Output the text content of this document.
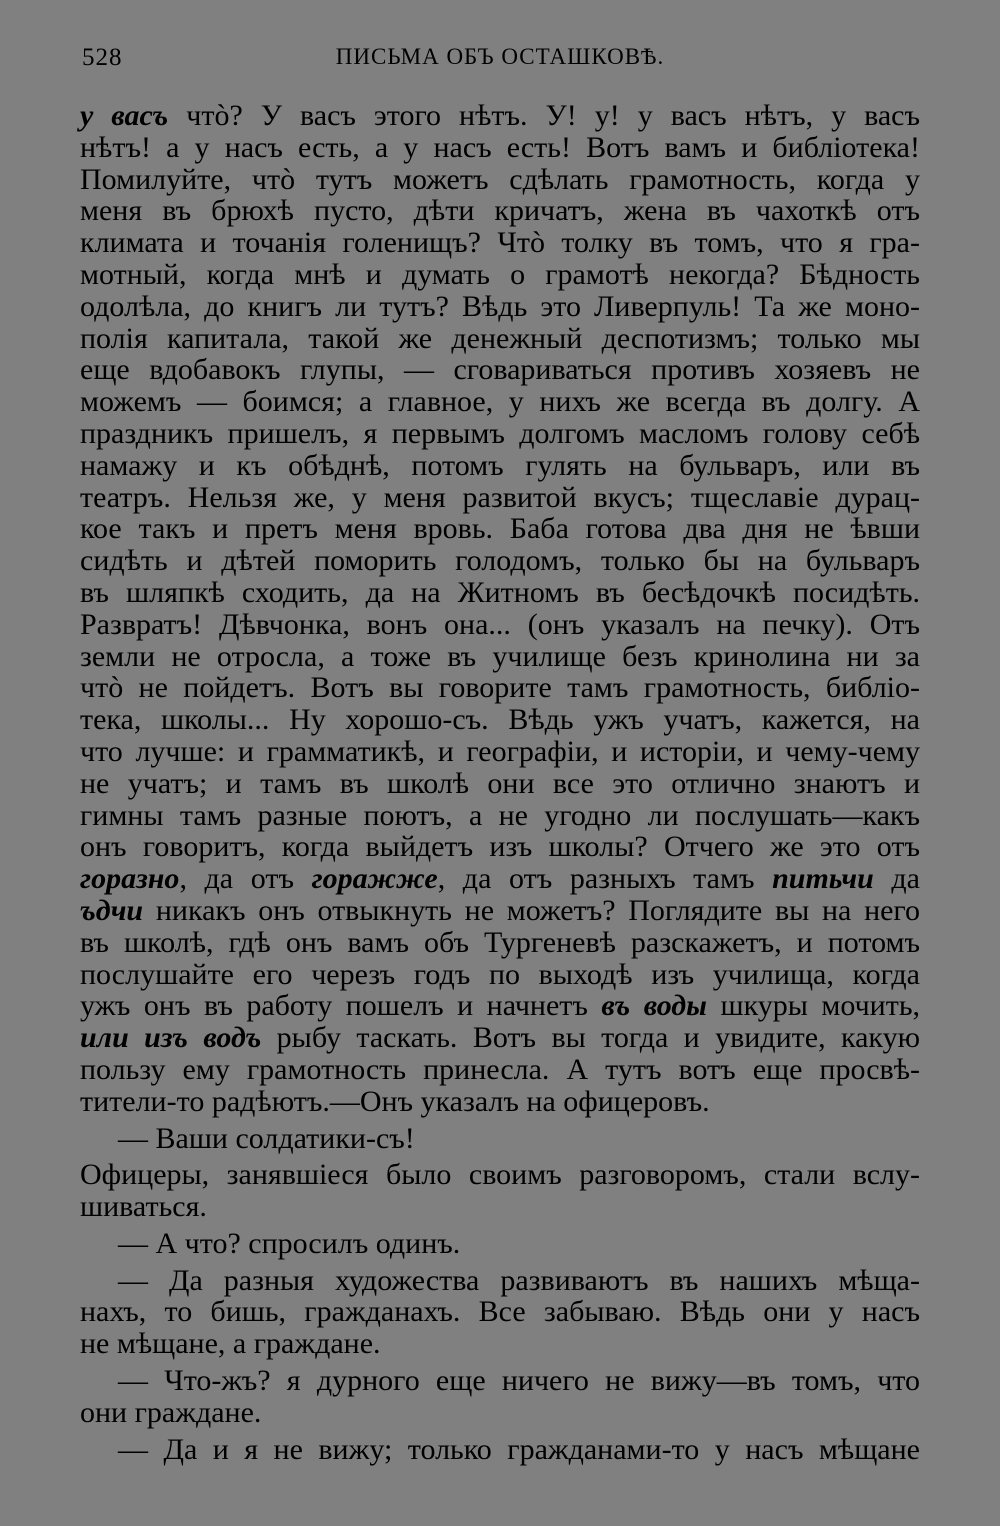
528	ПИСЬМА ОБЪ ОСТАШКОВѢ.
у васъ чтò? У васъ этого нѣтъ. У! у! у васъ нѣтъ, у васъ
нѣтъ! а у насъ есть, а у насъ есть! Вотъ вамъ и библіотека!
Помилуйте, чтò тутъ можетъ сдѣлать грамотность, когда у
меня въ брюхѣ пусто, дѣти кричатъ, жена въ чахоткѣ отъ
климата и точанія голенищъ? Чтò толку въ томъ, что я гра-
мотный, когда мнѣ и думать о грамотѣ некогда? Бѣдность
одолѣла, до книгъ ли тутъ? Вѣдь это Ливерпуль! Та же моно-
полія капитала, такой же денежный деспотизмъ; только мы
еще вдобавокъ глупы, — сговариваться противъ хозяевъ не
можемъ — боимся; а главное, у нихъ же всегда въ долгу. А
праздникъ пришелъ, я первымъ долгомъ масломъ голову себѣ
намажу и къ обѣднѣ, потомъ гулять на бульваръ, или въ
театръ. Нельзя же, у меня развитой вкусъ; тщеславіе дурац-
кое такъ и претъ меня вровь. Баба готова два дня не ѣвши
сидѣть и дѣтей поморить голодомъ, только бы на бульваръ
въ шляпкѣ сходить, да на Житномъ въ бесѣдочкѣ посидѣть.
Развратъ! Дѣвчонка, вонъ она... (онъ указалъ на печку). Отъ
земли не отросла, а тоже въ училище безъ кринолина ни за
чтò не пойдетъ. Вотъ вы говорите тамъ грамотность, библіо-
тека, школы... Ну хорошо-съ. Вѣдь ужъ учатъ, кажется, на
что лучше: и грамматикѣ, и географіи, и исторіи, и чему-чему
не учатъ; и тамъ въ школѣ они все это отлично знаютъ и
гимны тамъ разные поютъ, а не угодно ли послушать—какъ
онъ говоритъ, когда выйдетъ изъ школы? Отчего же это отъ
горазно, да отъ горажже, да отъ разныхъ тамъ питьчи да
ъдчи никакъ онъ отвыкнуть не можетъ? Поглядите вы на него
въ школѣ, гдѣ онъ вамъ объ Тургеневѣ разскажетъ, и потомъ
послушайте его черезъ годъ по выходѣ изъ училища, когда
ужъ онъ въ работу пошелъ и начнетъ въ воды шкуры мочить,
или изъ водъ рыбу таскать. Вотъ вы тогда и увидите, какую
пользу ему грамотность принесла. А тутъ вотъ еще просвѣ-
тители-то радѣютъ.—Онъ указалъ на офицеровъ.
— Ваши солдатики-съ!
Офицеры, занявшіеся было своимъ разговоромъ, стали вслу-
шиваться.
— А что? спросилъ одинъ.
— Да разныя художества развиваютъ въ нашихъ мѣща-
нахъ, то бишь, гражданахъ. Все забываю. Вѣдь они у насъ
не мѣщане, а граждане.
— Что-жъ? я дурного еще ничего не вижу—въ томъ, что
они граждане.
— Да и я не вижу; только гражданами-то у насъ мѣщане
